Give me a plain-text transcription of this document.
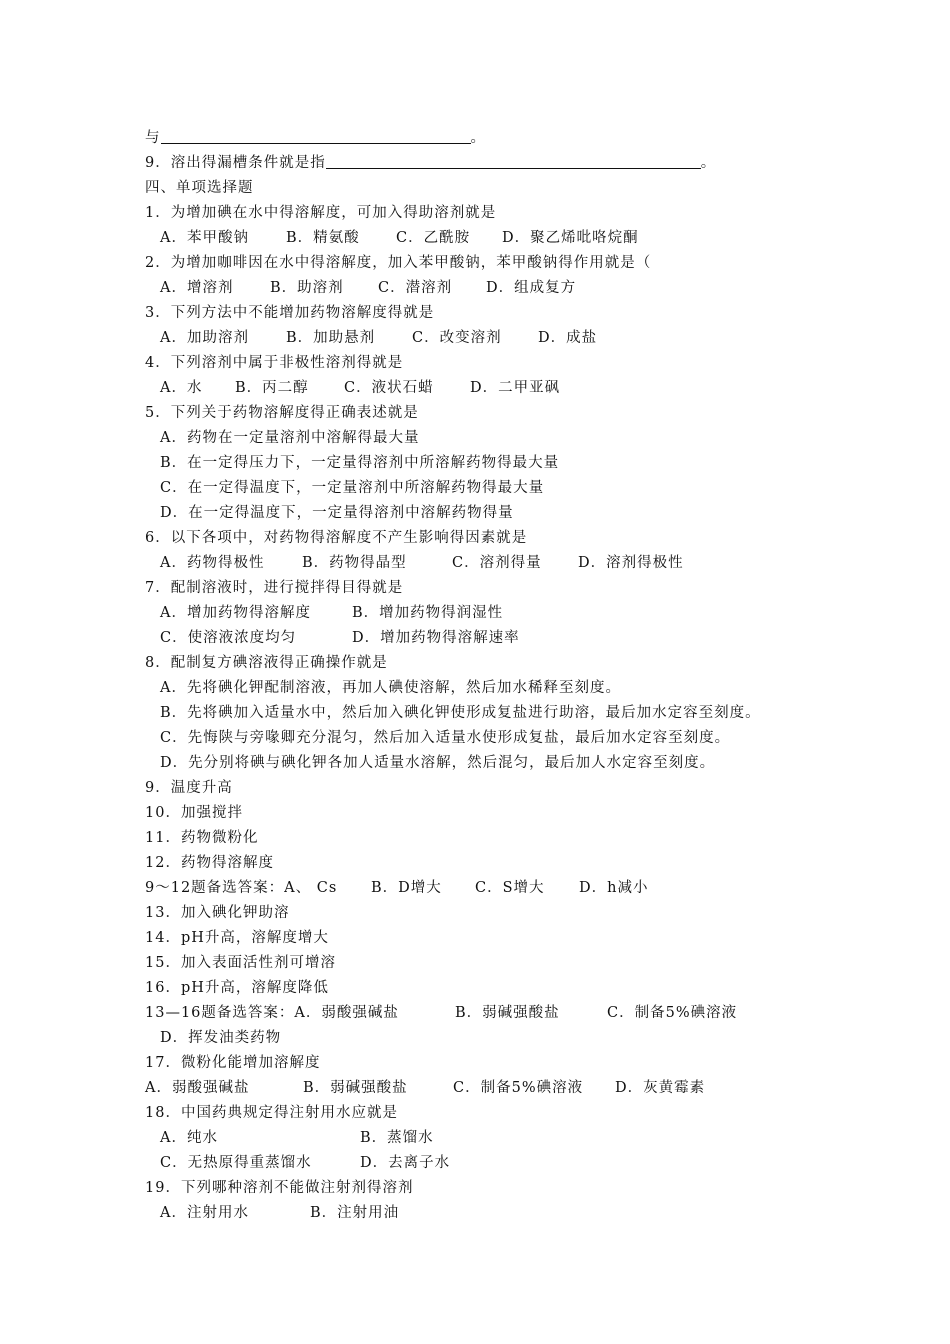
与	。
9．溶出得漏槽条件就是指	。
四、单项选择题
1．为增加碘在水中得溶解度，可加入得助溶剂就是
A．苯甲酸钠	B．精氨酸	C．乙酰胺 D．聚乙烯吡咯烷酮
2．为增加咖啡因在水中得溶解度，加入苯甲酸钠，苯甲酸钠得作用就是（
A．增溶剂	B．助溶剂 C．潜溶剂 D．组成复方
3．下列方法中不能增加药物溶解度得就是
A．加助溶剂	B．加助悬剂	C．改变溶剂	D．成盐
4．下列溶剂中属于非极性溶剂得就是
A．水 B．丙二醇 C．液状石蜡	D．二甲亚砜
5．下列关于药物溶解度得正确表述就是
A．药物在一定量溶剂中溶解得最大量
B．在一定得压力下，一定量得溶剂中所溶解药物得最大量
C．在一定得温度下，一定量溶剂中所溶解药物得最大量
D．在一定得温度下，一定量得溶剂中溶解药物得量
6．以下各项中，对药物得溶解度不产生影响得因素就是
A．药物得极性	B．药物得晶型	C．溶剂得量	D．溶剂得极性
7．配制溶液时，进行搅拌得目得就是
A．增加药物得溶解度	B．增加药物得润湿性
C．使溶液浓度均匀	D．增加药物得溶解速率
8．配制复方碘溶液得正确操作就是
A．先将碘化钾配制溶液，再加人碘使溶解，然后加水稀释至刻度。
B．先将碘加入适量水中，然后加入碘化钾使形成复盐进行助溶，最后加水定容至刻度。
C．先悔陕与旁喙卿充分混匀，然后加入适量水使形成复盐，最后加水定容至刻度。
D．先分别将碘与碘化钾各加人适量水溶解，然后混匀，最后加人水定容至刻度。
9．温度升高
10．加强搅拌
11．药物微粉化
12．药物得溶解度
9～12题备选答案：A、 Cs B．D增大 C．S增大 D．h减小
13．加入碘化钾助溶
14．pH升高，溶解度增大
15．加入表面活性剂可增溶
16．pH升高，溶解度降低
13—16题备选答案：A．弱酸强碱盐	B．弱碱强酸盐	C．制备5%碘溶液
D．挥发油类药物
17．微粉化能增加溶解度
A．弱酸强碱盐	B．弱碱强酸盐	C．制备5%碘溶液 D．灰黄霉素
18．中国药典规定得注射用水应就是
A．纯水	B．蒸馏水
C．无热原得重蒸馏水	D．去离子水
19．下列哪种溶剂不能做注射剂得溶剂
A．注射用水	B．注射用油
